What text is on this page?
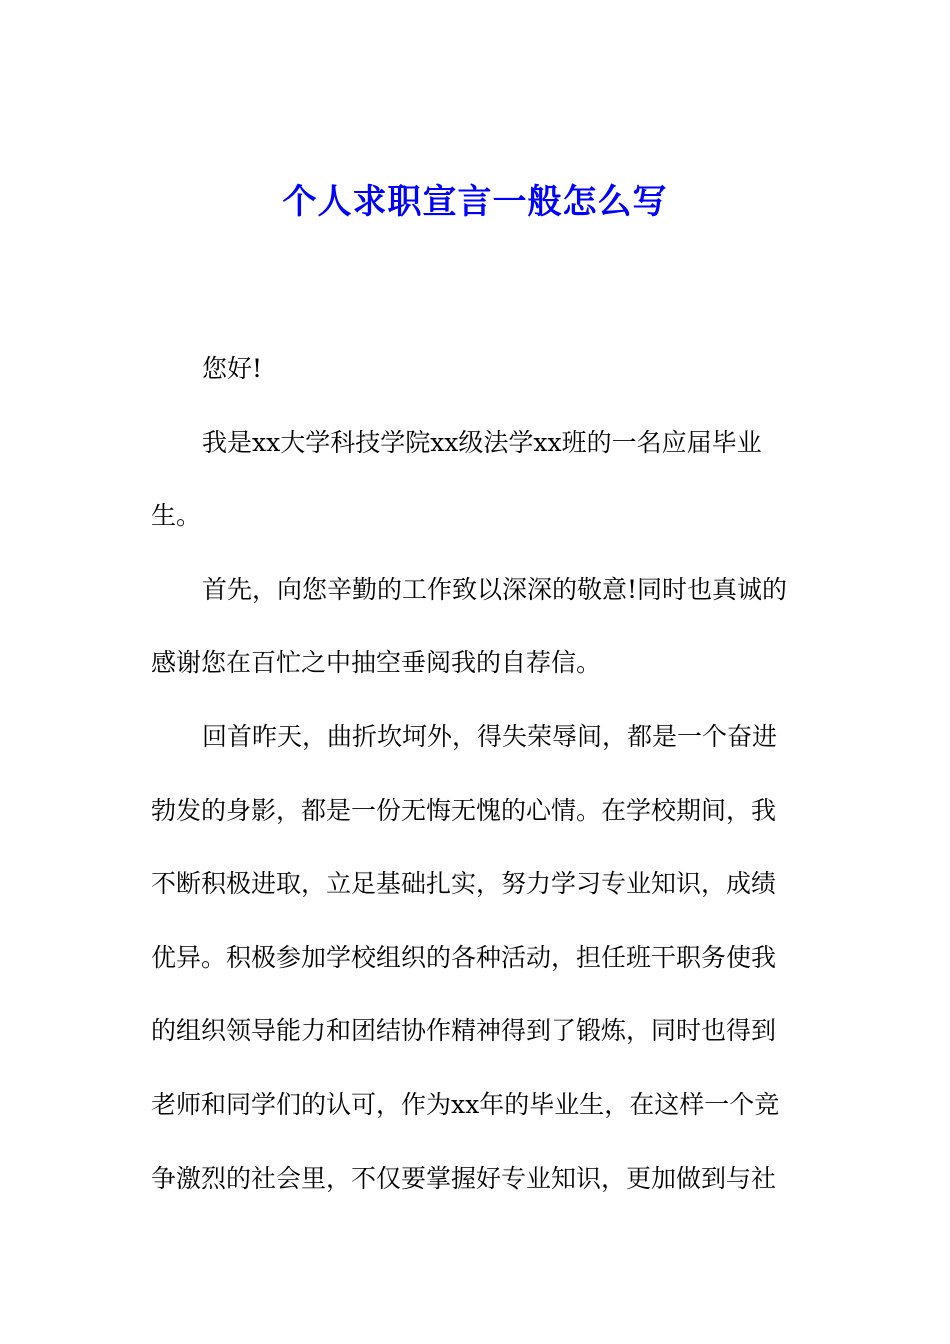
个人求职宣言一般怎么写
您好!
我是xx大学科技学院xx级法学xx班的一名应届毕业
生。
首先，向您辛勤的工作致以深深的敬意!同时也真诚的
感谢您在百忙之中抽空垂阅我的自荐信。
回首昨天，曲折坎坷外，得失荣辱间，都是一个奋进
勃发的身影，都是一份无悔无愧的心情。在学校期间，我
不断积极进取，立足基础扎实，努力学习专业知识，成绩
优异。积极参加学校组织的各种活动，担任班干职务使我
的组织领导能力和团结协作精神得到了锻炼，同时也得到
老师和同学们的认可，作为xx年的毕业生，在这样一个竞
争激烈的社会里，不仅要掌握好专业知识，更加做到与社
